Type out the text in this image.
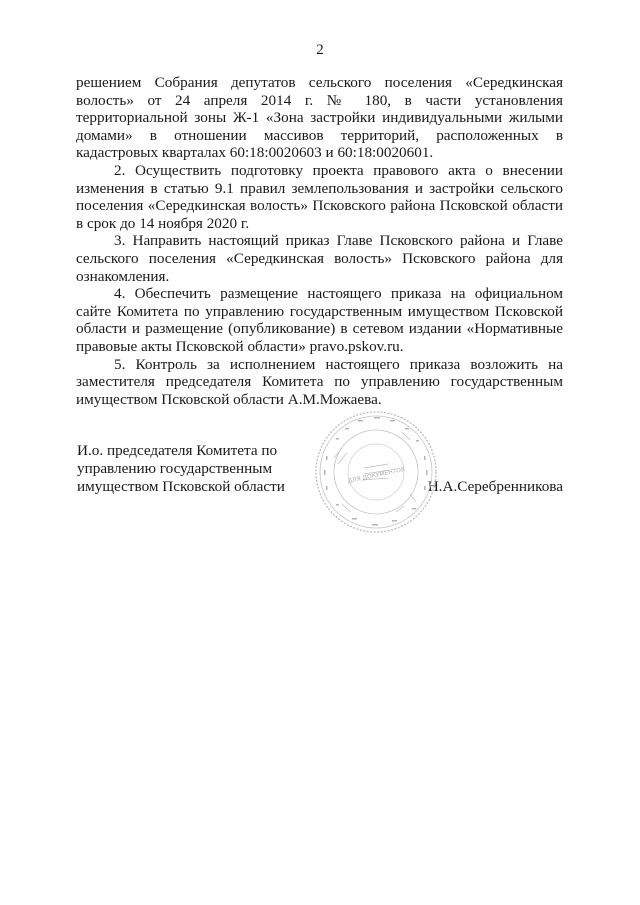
2

решением Собрания депутатов сельского поселения «Середкинская волость» от 24 апреля 2014 г. № 180, в части установления территориальной зоны Ж-1 «Зона застройки индивидуальными жилыми домами» в отношении массивов территорий, расположенных в кадастровых кварталах 60:18:0020603 и 60:18:0020601.

2. Осуществить подготовку проекта правового акта о внесении изменения в статью 9.1 правил землепользования и застройки сельского поселения «Середкинская волость» Псковского района Псковской области в срок до 14 ноября 2020 г.

3. Направить настоящий приказ Главе Псковского района и Главе сельского поселения «Середкинская волость» Псковского района для ознакомления.

4. Обеспечить размещение настоящего приказа на официальном сайте Комитета по управлению государственным имуществом Псковской области и размещение (опубликование) в сетевом издании «Нормативные правовые акты Псковской области» pravo.pskov.ru.

5. Контроль за исполнением настоящего приказа возложить на заместителя председателя Комитета по управлению государственным имуществом Псковской области А.М.Можаева.

И.о. председателя Комитета по
управлению государственным
имуществом Псковской области	Н.А.Серебренникова
ДЛЯ ДОКУМЕНТОВ
